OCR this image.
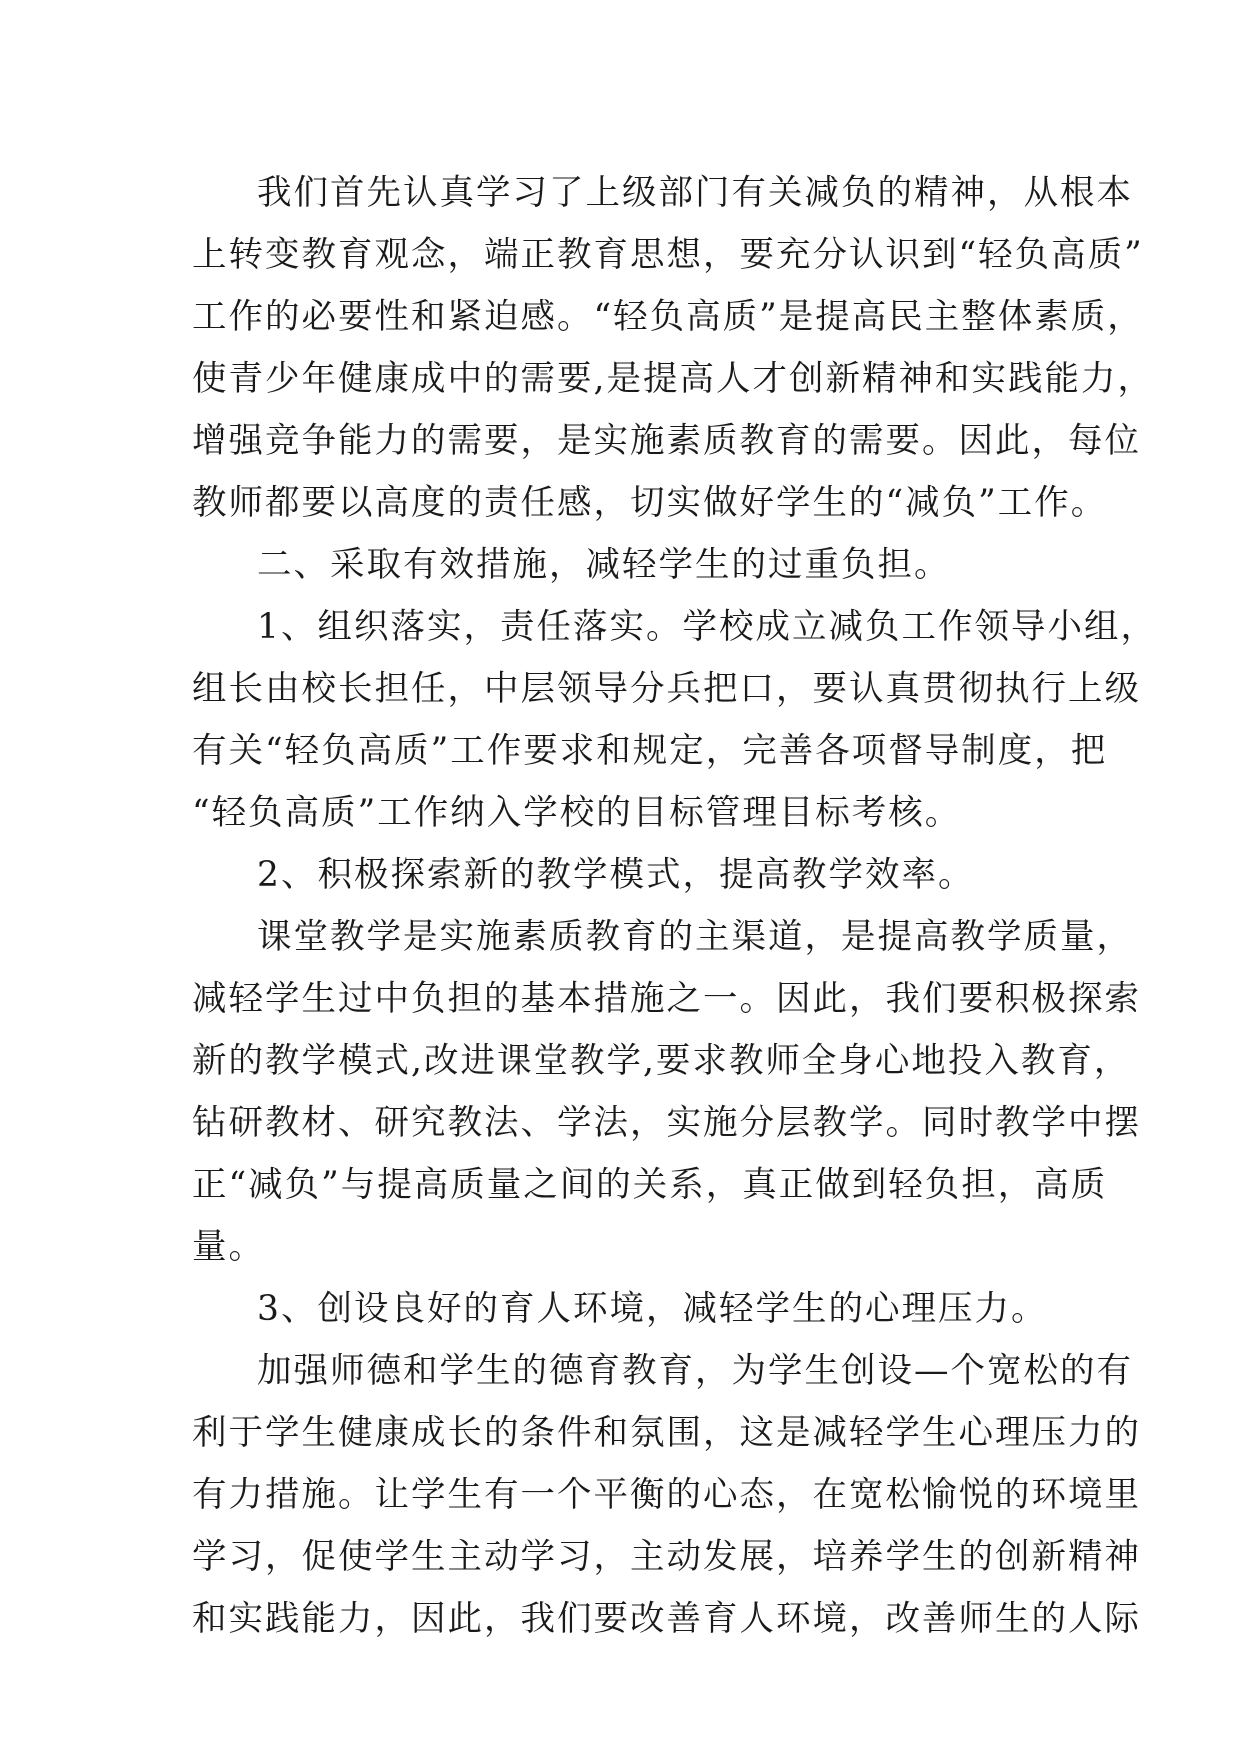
我们首先认真学习了上级部门有关减负的精神，从根本
上转变教育观念，端正教育思想，要充分认识到“轻负高质”
工作的必要性和紧迫感。“轻负高质”是提高民主整体素质，
使青少年健康成中的需要,是提高人才创新精神和实践能力，
增强竞争能力的需要，是实施素质教育的需要。因此，每位
教师都要以高度的责任感，切实做好学生的“减负”工作。
二、采取有效措施，减轻学生的过重负担。
1、组织落实，责任落实。学校成立减负工作领导小组，
组长由校长担任，中层领导分兵把口，要认真贯彻执行上级
有关“轻负高质”工作要求和规定，完善各项督导制度，把
“轻负高质”工作纳入学校的目标管理目标考核。
2、积极探索新的教学模式，提高教学效率。
课堂教学是实施素质教育的主渠道，是提高教学质量，
减轻学生过中负担的基本措施之一。因此，我们要积极探索
新的教学模式,改进课堂教学,要求教师全身心地投入教育，
钻研教材、研究教法、学法，实施分层教学。同时教学中摆
正“减负”与提高质量之间的关系，真正做到轻负担，高质
量。
3、创设良好的育人环境，减轻学生的心理压力。
加强师德和学生的德育教育，为学生创设—个宽松的有
利于学生健康成长的条件和氛围，这是减轻学生心理压力的
有力措施。让学生有一个平衡的心态，在宽松愉悦的环境里
学习，促使学生主动学习，主动发展，培养学生的创新精神
和实践能力，因此，我们要改善育人环境，改善师生的人际
